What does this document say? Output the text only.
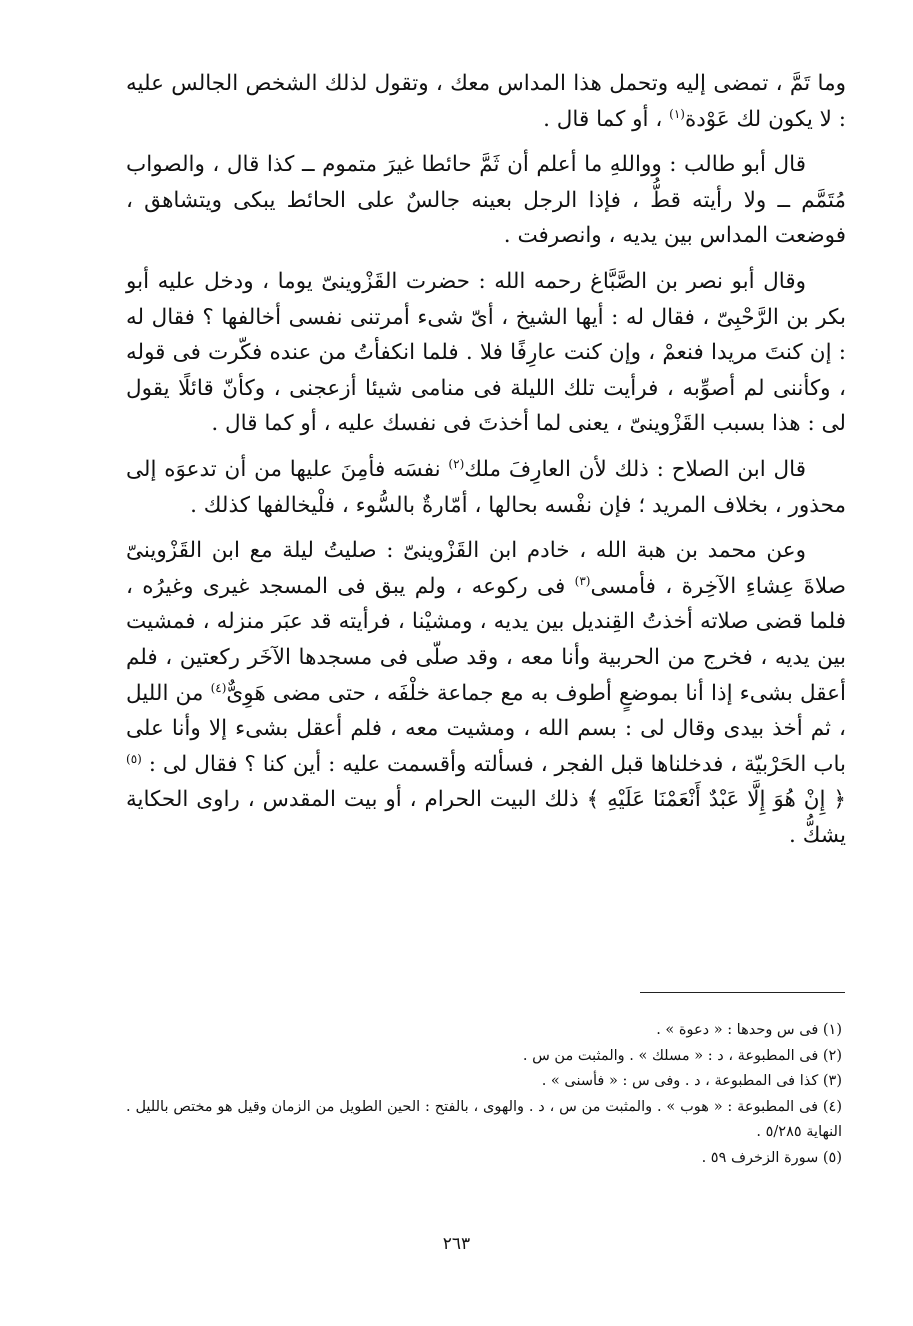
وما تَمَّ ، تمضى إليه وتحمل هذا المداس معك ، وتقول لذلك الشخص الجالس عليه : لا يكون لك عَوْدة$^{(١)}$ ، أو كما قال .

قال أبو طالب : وواللهِ ما أعلم أن ثَمَّ حائطا غيرَ متموم ــ كذا قال ، والصواب مُتَمَّم ــ ولا رأيته قطُّ ، فإذا الرجل بعينه جالسٌ على الحائط يبكى ويتشاهق ، فوضعت المداس بين يديه ، وانصرفت .

وقال أبو نصر بن الصَّبَّاغ رحمه الله : حضرت القَزْوينىّ يوما ، ودخل عليه أبو بكر بن الرَّحْبِىّ ، فقال له : أيها الشيخ ، أىّ شىء أمرتنى نفسى أخالفها ؟ فقال له : إن كنتَ مريدا فنعمْ ، وإن كنت عارِفًا فلا . فلما انكفأتُ من عنده فكّرت فى قوله ، وكأننى لم أصوِّبه ، فرأيت تلك الليلة فى منامى شيئا أزعجنى ، وكأنّ قائلًا يقول لى : هذا بسبب القَزْوينىّ ، يعنى لما أخذتَ فى نفسك عليه ، أو كما قال .

قال ابن الصلاح : ذلك لأن العارِفَ ملك$^{(٢)}$ نفسَه فأمِنَ عليها من أن تدعوَه إلى محذور ، بخلاف المريد ؛ فإن نفْسه بحالها ، أمّارةٌ بالسُّوء ، فلْيخالفها كذلك .

وعن محمد بن هبة الله ، خادم ابن القَزْوينىّ : صليتُ ليلة مع ابن القَزْوينىّ صلاةَ عِشاءِ الآخِرة ، فأمسى$^{(٣)}$ فى ركوعه ، ولم يبق فى المسجد غيرى وغيرُه ، فلما قضى صلاته أخذتُ القِنديل بين يديه ، ومشيْنا ، فرأيته قد عبَر منزله ، فمشيت بين يديه ، فخرج من الحربية وأنا معه ، وقد صلّى فى مسجدها الآخَر ركعتين ، فلم أعقل بشىء إذا أنا بموضعٍ أطوف به مع جماعة خلْفَه ، حتى مضى هَوِىٌّ$^{(٤)}$ من الليل ، ثم أخذ بيدى وقال لى : بسم الله ، ومشيت معه ، فلم أعقل بشىء إلا وأنا على باب الحَرْبيّة ، فدخلناها قبل الفجر ، فسألته وأقسمت عليه : أين كنا ؟ فقال لى : $^{(٥)}$﴿ إِنْ هُوَ إِلَّا عَبْدٌ أَنْعَمْنَا عَلَيْهِ ﴾ ذلك البيت الحرام ، أو بيت المقدس ، راوى الحكاية يشكُّ .

(١) فى س وحدها : « دعوة » .

(٢) فى المطبوعة ، د : « مسلك » . والمثبت من س .

(٣) كذا فى المطبوعة ، د . وفى س : « فأسنى » .

(٤) فى المطبوعة : « هوب » . والمثبت من س ، د . والهوى ، بالفتح : الحين الطويل من الزمان وقيل هو مختص بالليل . النهاية ٥/٢٨٥ .

(٥) سورة الزخرف ٥٩ .

٢٦٣
